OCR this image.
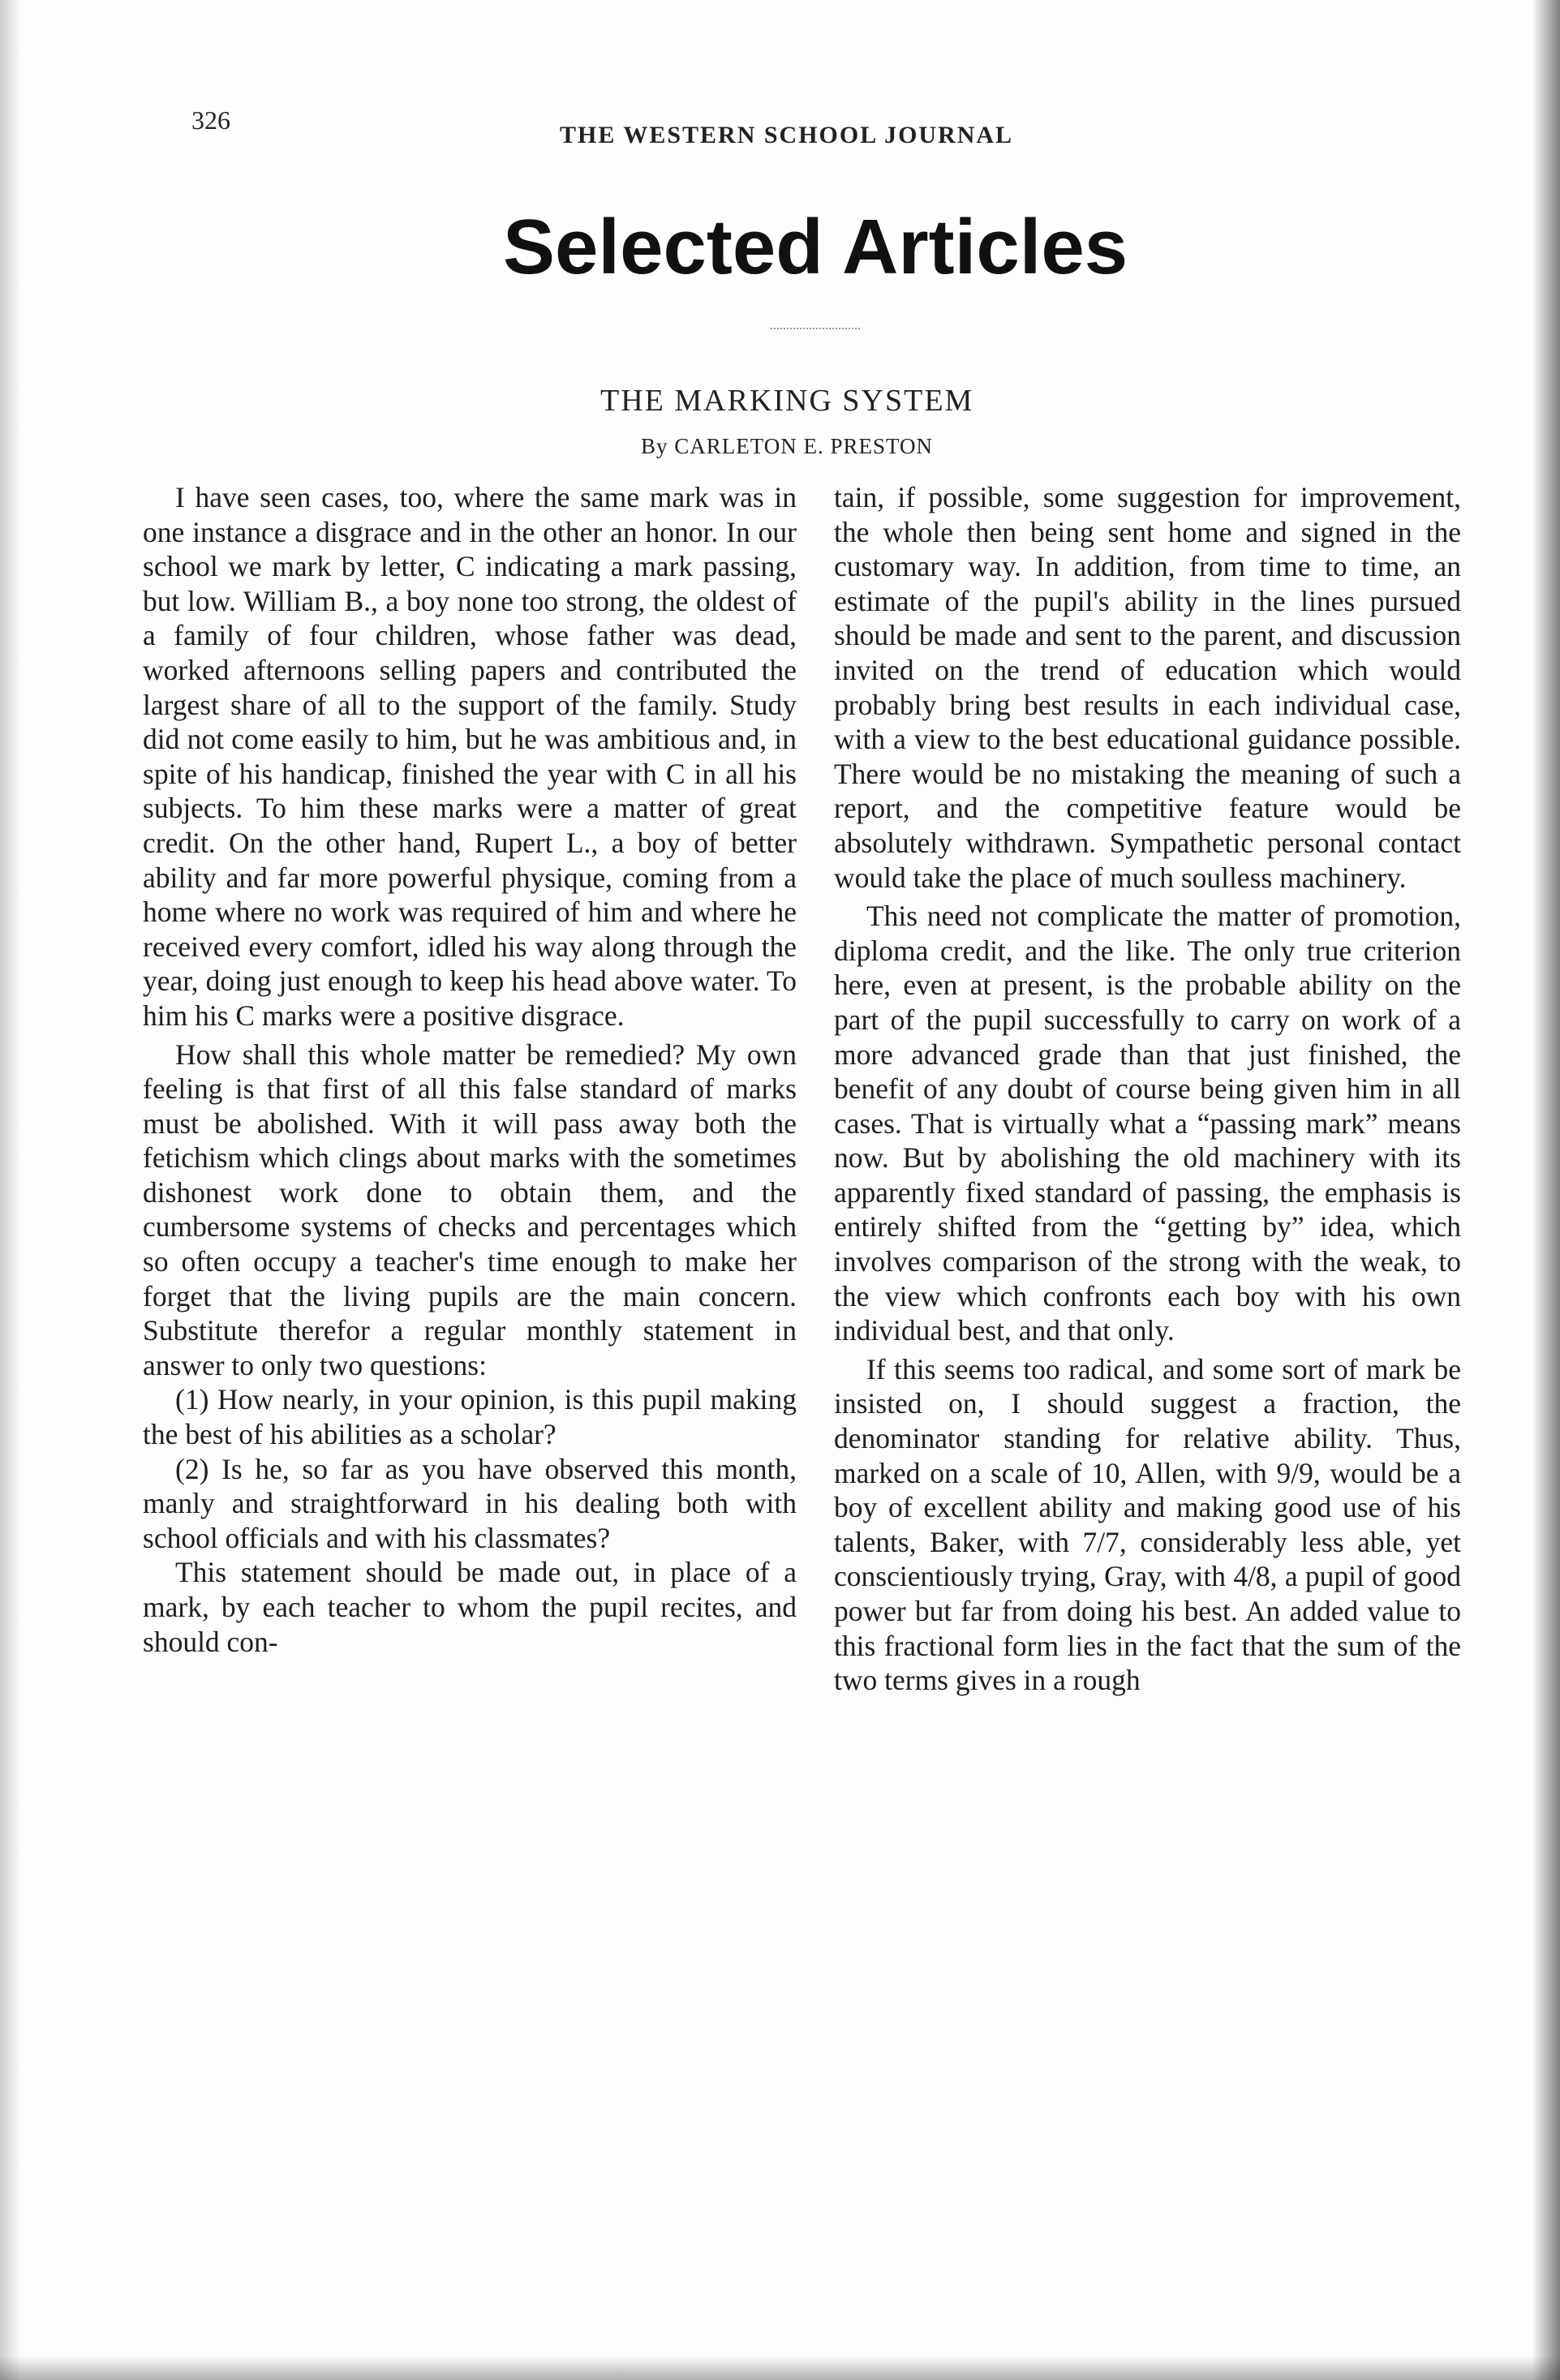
326
THE WESTERN SCHOOL JOURNAL
Selected Articles
THE MARKING SYSTEM
By CARLETON E. PRESTON

I have seen cases, too, where the same mark was in one instance a disgrace and in the other an honor. In our school we mark by letter, C indicating a mark passing, but low. William B., a boy none too strong, the oldest of a family of four children, whose father was dead, worked afternoons selling papers and contributed the largest share of all to the support of the family. Study did not come easily to him, but he was ambitious and, in spite of his handicap, finished the year with C in all his subjects. To him these marks were a matter of great credit. On the other hand, Rupert L., a boy of better ability and far more powerful physique, coming from a home where no work was required of him and where he received every comfort, idled his way along through the year, doing just enough to keep his head above water. To him his C marks were a positive disgrace.

How shall this whole matter be remedied? My own feeling is that first of all this false standard of marks must be abolished. With it will pass away both the fetichism which clings about marks with the sometimes dishonest work done to obtain them, and the cumbersome systems of checks and percentages which so often occupy a teacher's time enough to make her forget that the living pupils are the main concern. Substitute therefor a regular monthly statement in answer to only two questions:

(1) How nearly, in your opinion, is this pupil making the best of his abilities as a scholar?

(2) Is he, so far as you have observed this month, manly and straightforward in his dealing both with school officials and with his classmates?

This statement should be made out, in place of a mark, by each teacher to whom the pupil recites, and should con-

tain, if possible, some suggestion for improvement, the whole then being sent home and signed in the customary way. In addition, from time to time, an estimate of the pupil's ability in the lines pursued should be made and sent to the parent, and discussion invited on the trend of education which would probably bring best results in each individual case, with a view to the best educational guidance possible. There would be no mistaking the meaning of such a report, and the competitive feature would be absolutely withdrawn. Sympathetic personal contact would take the place of much soulless machinery.

This need not complicate the matter of promotion, diploma credit, and the like. The only true criterion here, even at present, is the probable ability on the part of the pupil successfully to carry on work of a more advanced grade than that just finished, the benefit of any doubt of course being given him in all cases. That is virtually what a “passing mark” means now. But by abolishing the old machinery with its apparently fixed standard of passing, the emphasis is entirely shifted from the “getting by” idea, which involves comparison of the strong with the weak, to the view which confronts each boy with his own individual best, and that only.

If this seems too radical, and some sort of mark be insisted on, I should suggest a fraction, the denominator standing for relative ability. Thus, marked on a scale of 10, Allen, with 9/9, would be a boy of excellent ability and making good use of his talents, Baker, with 7/7, considerably less able, yet conscientiously trying, Gray, with 4/8, a pupil of good power but far from doing his best. An added value to this fractional form lies in the fact that the sum of the two terms gives in a rough
